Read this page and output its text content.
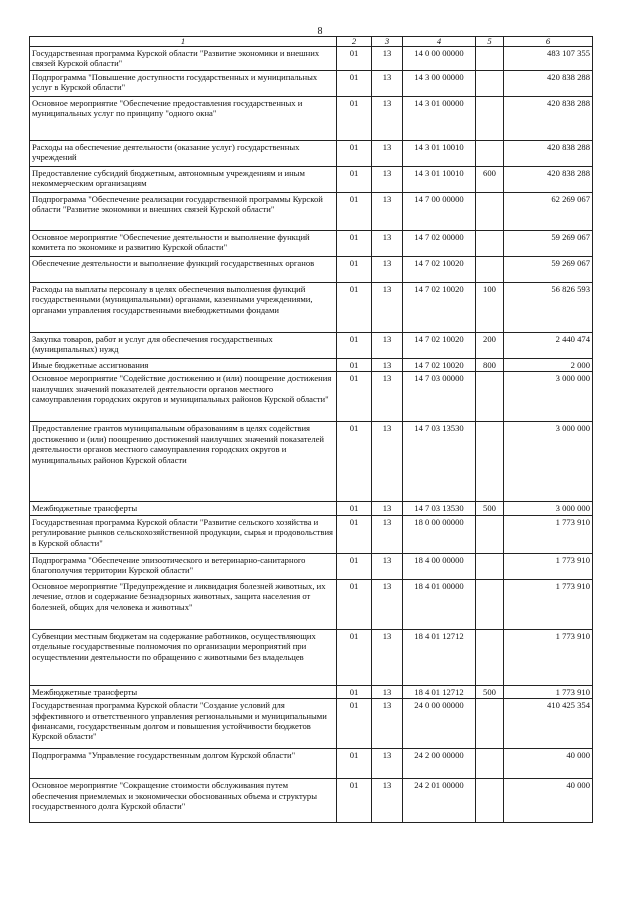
8
1	2	3	4	5	6
Государственная программа Курской области "Развитие экономики и внешних связей Курской области"	01	13	14 0 00 00000		483 107 355
Подпрограмма "Повышение доступности государственных и муниципальных услуг в Курской области"	01	13	14 3 00 00000		420 838 288
Основное мероприятие "Обеспечение предоставления государственных и муниципальных услуг по принципу "одного окна"	01	13	14 3 01 00000		420 838 288
Расходы на обеспечение деятельности (оказание услуг) государственных учреждений	01	13	14 3 01 10010		420 838 288
Предоставление субсидий бюджетным, автономным учреждениям и иным некоммерческим организациям	01	13	14 3 01 10010	600	420 838 288
Подпрограмма "Обеспечение реализации государственной программы Курской области "Развитие экономики и внешних связей Курской области"	01	13	14 7 00 00000		62 269 067
Основное мероприятие "Обеспечение деятельности и выполнение функций комитета по экономике и развитию Курской области"	01	13	14 7 02 00000		59 269 067
Обеспечение деятельности и выполнение функций государственных органов	01	13	14 7 02 10020		59 269 067
Расходы на выплаты персоналу в целях обеспечения выполнения функций государственными (муниципальными) органами, казенными учреждениями, органами управления государственными внебюджетными фондами	01	13	14 7 02 10020	100	56 826 593
Закупка товаров, работ и услуг для обеспечения государственных (муниципальных) нужд	01	13	14 7 02 10020	200	2 440 474
Иные бюджетные ассигнования	01	13	14 7 02 10020	800	2 000
Основное мероприятие "Содействие достижению и (или) поощрение достижения наилучших значений показателей деятельности органов местного самоуправления городских округов и муниципальных районов Курской области"	01	13	14 7 03 00000		3 000 000
Предоставление грантов муниципальным образованиям в целях содействия достижению и (или) поощрению достижений наилучших значений показателей деятельности органов местного самоуправления городских округов и муниципальных районов Курской области	01	13	14 7 03 13530		3 000 000
Межбюджетные трансферты	01	13	14 7 03 13530	500	3 000 000
Государственная программа Курской области "Развитие сельского хозяйства и регулирование рынков сельскохозяйственной продукции, сырья и продовольствия в Курской области"	01	13	18 0 00 00000		1 773 910
Подпрограмма "Обеспечение эпизоотического и ветеринарно-санитарного благополучия территории Курской области"	01	13	18 4 00 00000		1 773 910
Основное мероприятие "Предупреждение и ликвидация болезней животных, их лечение, отлов и содержание безнадзорных животных, защита населения от болезней, общих для человека и животных"	01	13	18 4 01 00000		1 773 910
Субвенции местным бюджетам на содержание работников, осуществляющих отдельные государственные полномочия по организации мероприятий при осуществлении деятельности по обращению с животными без владельцев	01	13	18 4 01 12712		1 773 910
Межбюджетные трансферты	01	13	18 4 01 12712	500	1 773 910
Государственная программа Курской области "Создание условий для эффективного и ответственного управления региональными и муниципальными финансами, государственным долгом и повышения устойчивости бюджетов Курской области"	01	13	24 0 00 00000		410 425 354
Подпрограмма "Управление государственным долгом Курской области"	01	13	24 2 00 00000		40 000
Основное мероприятие "Сокращение стоимости обслуживания путем обеспечения приемлемых и экономически обоснованных объема и структуры государственного долга Курской области"	01	13	24 2 01 00000		40 000
